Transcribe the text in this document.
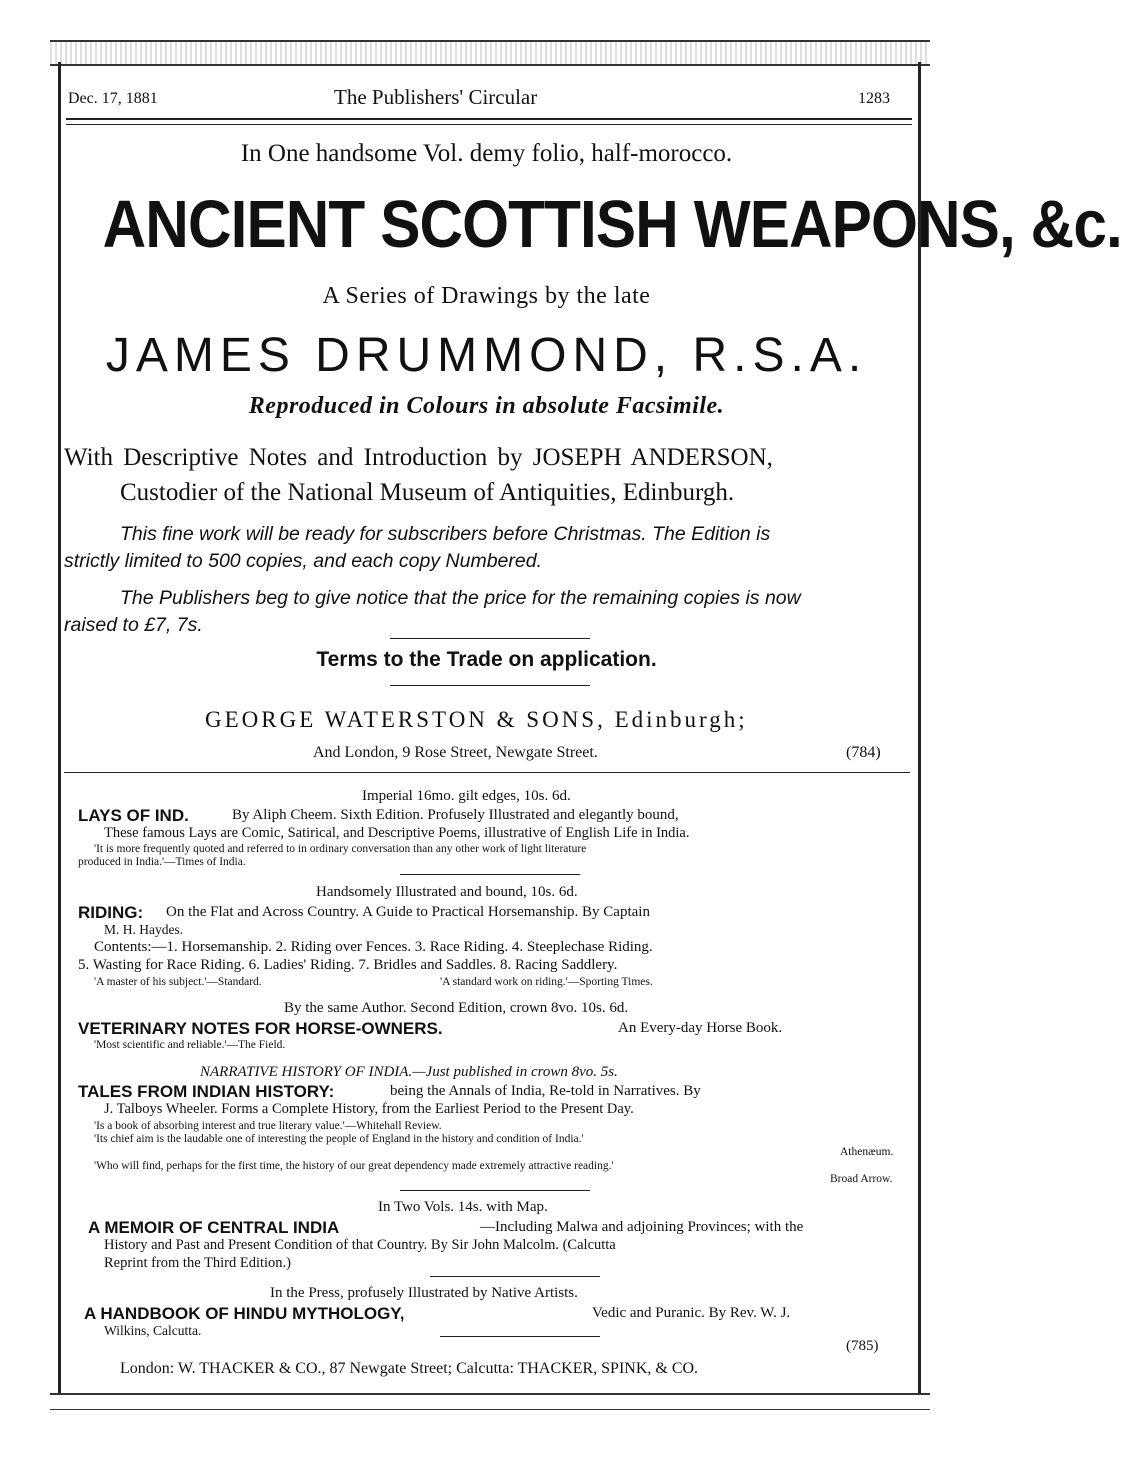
Dec. 17, 1881	The Publishers' Circular	1283
In One handsome Vol. demy folio, half-morocco.
ANCIENT SCOTTISH WEAPONS, &c.
A Series of Drawings by the late
JAMES DRUMMOND, R.S.A.
Reproduced in Colours in absolute Facsimile.
With Descriptive Notes and Introduction by JOSEPH ANDERSON,
Custodier of the National Museum of Antiquities, Edinburgh.
This fine work will be ready for subscribers before Christmas. The Edition is
strictly limited to 500 copies, and each copy Numbered.
The Publishers beg to give notice that the price for the remaining copies is now
raised to £7, 7s.
Terms to the Trade on application.
GEORGE WATERSTON & SONS, Edinburgh;
And London, 9 Rose Street, Newgate Street.	(784)
Imperial 16mo. gilt edges, 10s. 6d.
LAYS OF IND.	By Aliph Cheem. Sixth Edition. Profusely Illustrated and elegantly bound,
These famous Lays are Comic, Satirical, and Descriptive Poems, illustrative of English Life in India.
'It is more frequently quoted and referred to in ordinary conversation than any other work of light literature
produced in India.'—Times of India.
Handsomely Illustrated and bound, 10s. 6d.
RIDING: On the Flat and Across Country. A Guide to Practical Horsemanship. By Captain
M. H. Haydes.
Contents:—1. Horsemanship. 2. Riding over Fences. 3. Race Riding. 4. Steeplechase Riding.
5. Wasting for Race Riding. 6. Ladies' Riding. 7. Bridles and Saddles. 8. Racing Saddlery.
'A master of his subject.'—Standard.	'A standard work on riding.'—Sporting Times.
By the same Author. Second Edition, crown 8vo. 10s. 6d.
VETERINARY NOTES FOR HORSE-OWNERS.	An Every-day Horse Book.
'Most scientific and reliable.'—The Field.
NARRATIVE HISTORY OF INDIA.—Just published in crown 8vo. 5s.
TALES FROM INDIAN HISTORY:	being the Annals of India, Re-told in Narratives. By
J. Talboys Wheeler. Forms a Complete History, from the Earliest Period to the Present Day.
'Is a book of absorbing interest and true literary value.'—Whitehall Review.
'Its chief aim is the laudable one of interesting the people of England in the history and condition of India.'
Athenæum.
'Who will find, perhaps for the first time, the history of our great dependency made extremely attractive reading.'
Broad Arrow.
In Two Vols. 14s. with Map.
A MEMOIR OF CENTRAL INDIA	—Including Malwa and adjoining Provinces; with the
History and Past and Present Condition of that Country. By Sir John Malcolm. (Calcutta
Reprint from the Third Edition.)
In the Press, profusely Illustrated by Native Artists.
A HANDBOOK OF HINDU MYTHOLOGY,	Vedic and Puranic. By Rev. W. J.
Wilkins, Calcutta.
(785)
London: W. THACKER & CO., 87 Newgate Street; Calcutta: THACKER, SPINK, & CO.
